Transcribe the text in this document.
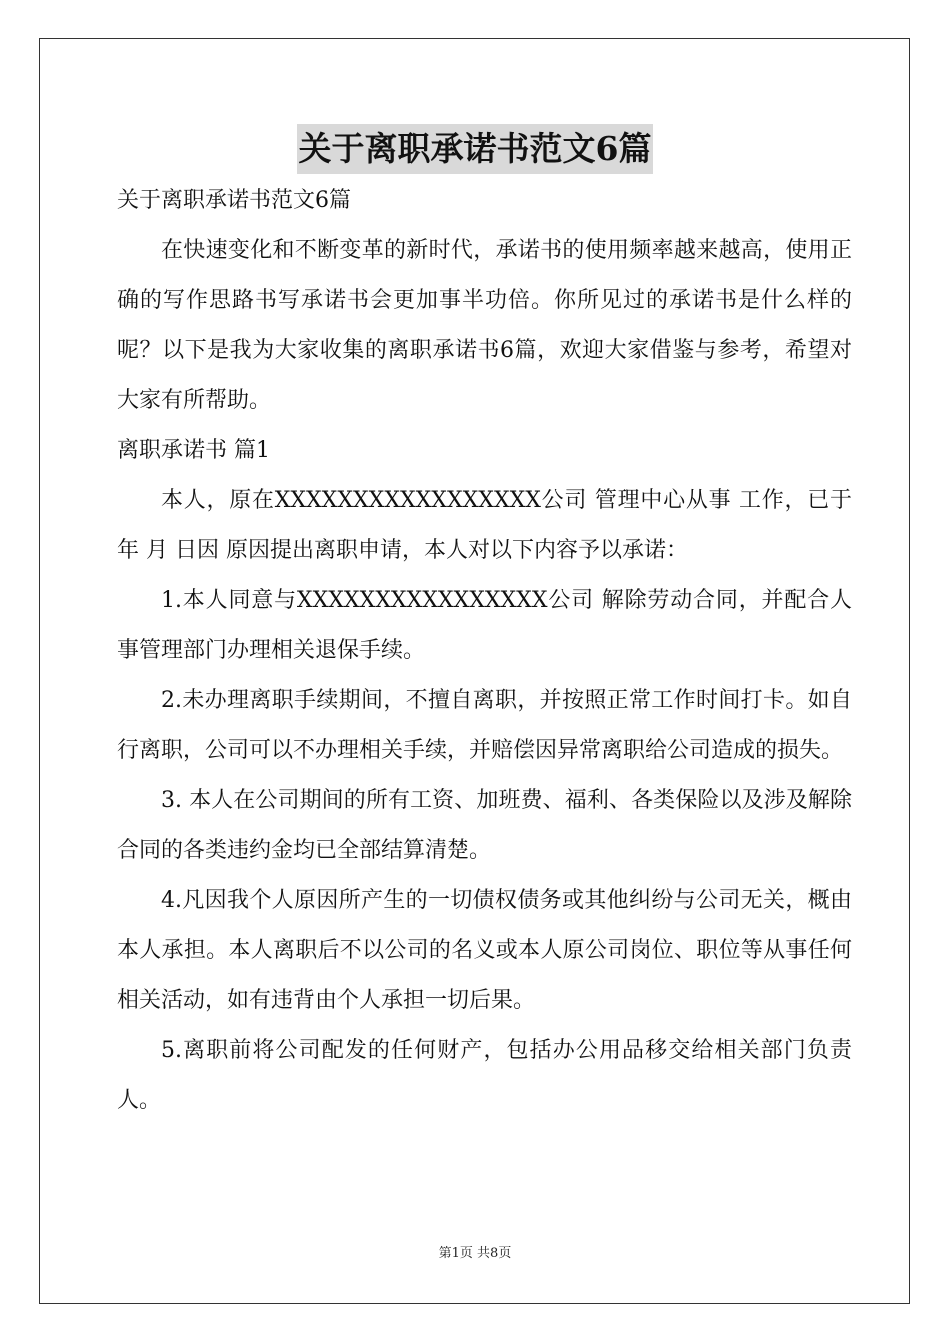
关于离职承诺书范文6篇

关于离职承诺书范文6篇

在快速变化和不断变革的新时代，承诺书的使用频率越来越高，使用正确的写作思路书写承诺书会更加事半功倍。你所见过的承诺书是什么样的呢？以下是我为大家收集的离职承诺书6篇，欢迎大家借鉴与参考，希望对大家有所帮助。

离职承诺书 篇1

本人，原在XXXXXXXXXXXXXXXXX公司 管理中心从事 工作，已于 年 月 日因 原因提出离职申请，本人对以下内容予以承诺：

1.本人同意与XXXXXXXXXXXXXXXX公司 解除劳动合同，并配合人事管理部门办理相关退保手续。

2.未办理离职手续期间，不擅自离职，并按照正常工作时间打卡。如自行离职，公司可以不办理相关手续，并赔偿因异常离职给公司造成的损失。

3. 本人在公司期间的所有工资、加班费、福利、各类保险以及涉及解除合同的各类违约金均已全部结算清楚。

4.凡因我个人原因所产生的一切债权债务或其他纠纷与公司无关，概由本人承担。本人离职后不以公司的名义或本人原公司岗位、职位等从事任何相关活动，如有违背由个人承担一切后果。

5.离职前将公司配发的任何财产，包括办公用品移交给相关部门负责人。

第1页 共8页
